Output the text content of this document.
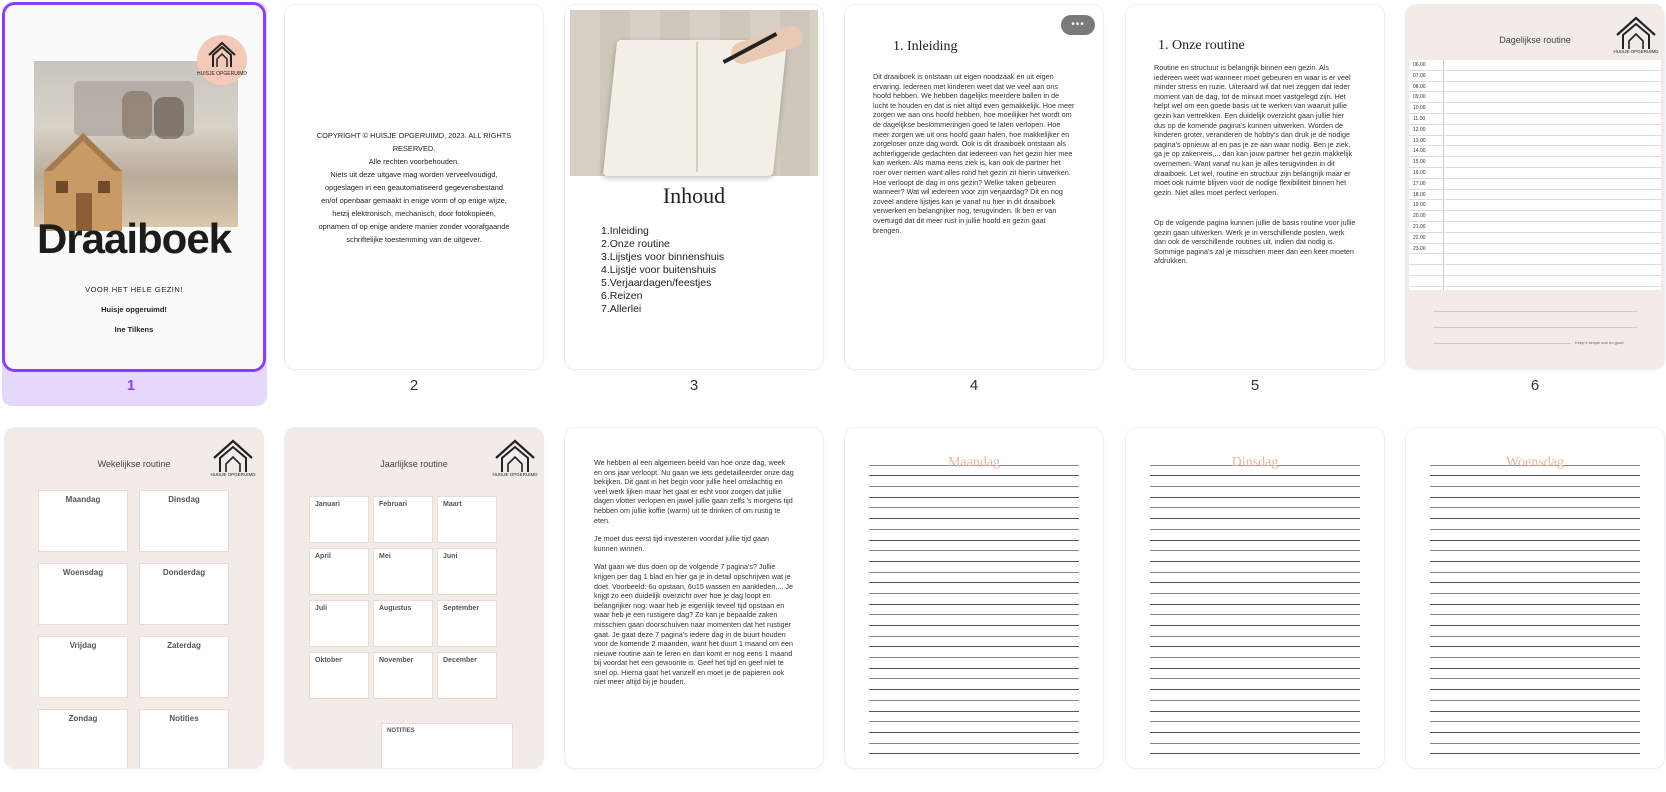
HUISJE OPGERUIMD
Draaiboek
VOOR HET HELE GEZIN!
Huisje opgeruimd!
Ine Tilkens
1
COPYRIGHT © HUISJE OPGERUIMD, 2023. ALL RIGHTS
RESERVED.
Alle rechten voorbehouden.
Niets uit deze uitgave mag worden verveelvoudigd,
opgeslagen in een geautomatiseerd gegevensbestand
en/of openbaar gemaakt in enige vorm of op enige wijze,
hetzij elektronisch, mechanisch, door fotokopieën,
opnamen of op enige andere manier zonder voorafgaande
schriftelijke toestemming van de uitgever.
2
Inhoud
1.Inleiding
2.Onze routine
3.Lijstjes voor binnenshuis
4.Lijstje voor buitenshuis
5.Verjaardagen/feestjes
6.Reizen
7.Allerlei
3
•••
1. Inleiding
Dit draaiboek is ontstaan uit eigen noodzaak en uit eigen ervaring. Iedereen met kinderen weet dat we veel aan ons hoofd hebben. We hebben dagelijks meerdere ballen in de lucht te houden en dat is niet altijd even gemakkelijk. Hoe meer zorgen we aan ons hoofd hebben, hoe moeilijker het wordt om de dagelijkse beslommeringen goed te laten verlopen. Hoe meer zorgen we uit ons hoofd gaan halen, hoe makkelijker en zorgeloser onze dag wordt. Ook is dit draaiboek ontstaan als achterliggende gedachten dat iedereen van het gezin hier mee kan werken. Als mama eens ziek is, kan ook de partner het roer over nemen want alles rond het gezin zit hierin uitwerken. Hoe verloopt de dag in ons gezin? Welke taken gebeuren wanneer? Wat wil iedereen voor zijn verjaardag? Dit en nog zoveel andere lijstjes kan je vanaf nu hier in dit draaiboek verwerken en belangrijker nog, terugvinden. Ik ben er van overtuigd dat dit meer rust in jullie hoofd en gezin gaat brengen.
4
1. Onze routine
Routine en structuur is belangrijk binnen een gezin. Als iedereen weet wat wanneer moet gebeuren en waar is er veel minder stress en ruzie. Uiteraard wil dat niet zeggen dat ieder moment van de dag, tot de minuut moet vastgelegd zijn. Het helpt wel om een goede basis uit te werken van waaruit jullie gezin kan vertrekken. Een duidelijk overzicht gaan jullie hier dus op de komende pagina's kunnen uitwerken. Worden de kinderen groter, veranderen de hobby's dan druk je de nodige pagina's opnieuw af en pas je ze aan waar nodig. Ben je ziek, ga je op zakenreis,... dan kan jouw partner het gezin makkelijk overnemen. Want vanaf nu kan je alles terugvinden in dit draaiboek. Let wel, routine en structuur zijn belangrijk maar er moet ook ruimte blijven voor de nodige flexibiliteit binnen het gezin. Niet alles moet perfect verlopen.
Op de volgende pagina kunnen jullie de basis routine voor jullie gezin gaan uitwerken. Werk je in verschillende posten, werk dan ook de verschillende routines uit, indien dat nodig is. Sommige pagina's zal je misschien meer dan een keer moeten afdrukken.
5
Dagelijkse routine
HUISJE OPGERUIMD
06.00
07.00
08.00
09.00
10.00
11.00
12.00
13.00
14.00
15.00
16.00
17.00
18.00
19.00
20.00
21.00
22.00
23.00
Keep it simple and do good
6
Wekelijkse routine
HUISJE OPGERUIMD
Maandag	Dinsdag
Woensdag	Donderdag
Vrijdag	Zaterdag
Zondag	Notities
Jaarlijkse routine
HUISJE OPGERUIMD
Januari	Februari	Maart
April	Mei	Juni
Juli	Augustus	September
Oktober	November	December
NOTITIES

We hebben al een algemeen beeld van hoe onze dag, week en ons jaar verloopt. Nu gaan we iets gedetailleerder onze dag bekijken. Dit gaat in het begin voor jullie heel omslachtig en veel werk lijken maar het gaat er echt voor zorgen dat jullie dagen vlotter verlopen en jawel jullie gaan zelfs 's morgens tijd hebben om jullie koffie (warm) uit te drinken of om rustig te eten.

Je moet dus eerst tijd investeren voordat jullie tijd gaan kunnen winnen.

Wat gaan we dus doen op de volgende 7 pagina's? Jullie krijgen per dag 1 blad en hier ga je in detail opschrijven wat je doet. Voorbeeld: 6u opstaan, 6u15 wassen en aankleden,... Je krijgt zo een duidelijk overzicht over hoe je dag loopt en belangrijker nog: waar heb je eigenlijk teveel tijd opstaan en waar heb je een rustigere dag? Zo kan je bepaalde zaken misschien gaan doorschuiven naar momenten dat het rustiger gaat. Je gaat deze 7 pagina's iedere dag in de buurt houden voor de komende 2 maanden, want het duurt 1 maand om een nieuwe routine aan te leren en dan komt er nog eens 1 maand bij voordat het een gewoonte is. Geef het tijd en geef niet te snel op. Hierna gaat het vanzelf en moet je de papieren ook niet meer altijd bij je houden.

Maandag	Dinsdag	Woensdag
